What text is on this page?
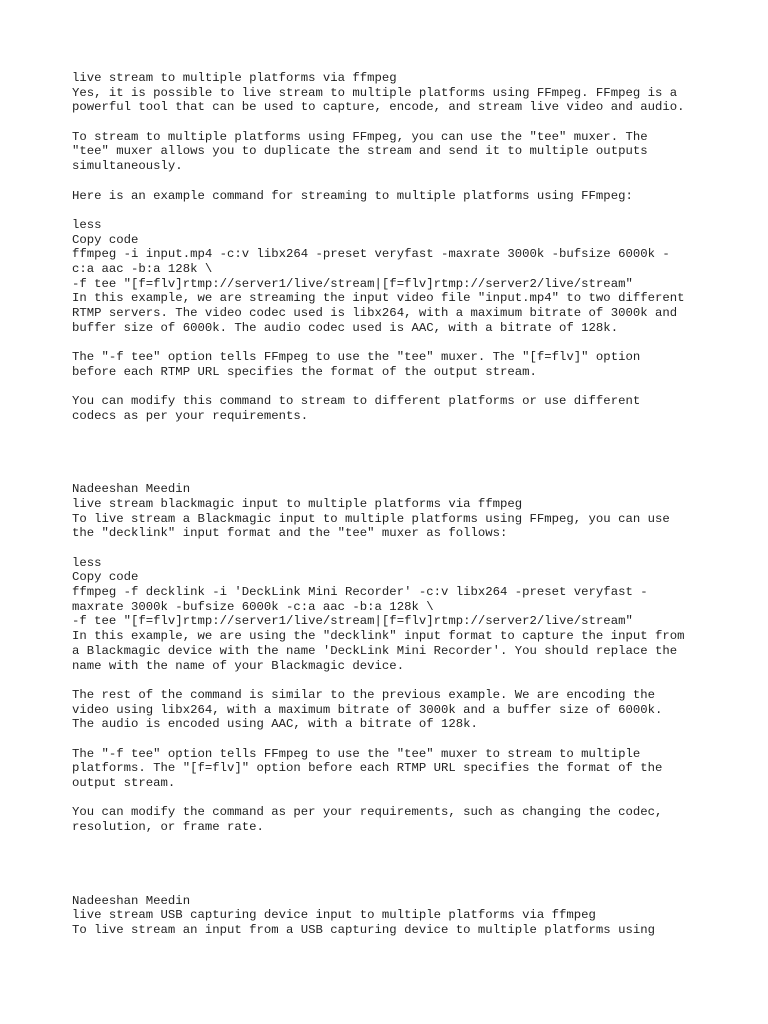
live stream to multiple platforms via ffmpeg
Yes, it is possible to live stream to multiple platforms using FFmpeg. FFmpeg is a
powerful tool that can be used to capture, encode, and stream live video and audio.
To stream to multiple platforms using FFmpeg, you can use the "tee" muxer. The
"tee" muxer allows you to duplicate the stream and send it to multiple outputs
simultaneously.
Here is an example command for streaming to multiple platforms using FFmpeg:
less
Copy code
ffmpeg -i input.mp4 -c:v libx264 -preset veryfast -maxrate 3000k -bufsize 6000k -
c:a aac -b:a 128k \
-f tee "[f=flv]rtmp://server1/live/stream|[f=flv]rtmp://server2/live/stream"
In this example, we are streaming the input video file "input.mp4" to two different
RTMP servers. The video codec used is libx264, with a maximum bitrate of 3000k and
buffer size of 6000k. The audio codec used is AAC, with a bitrate of 128k.
The "-f tee" option tells FFmpeg to use the "tee" muxer. The "[f=flv]" option
before each RTMP URL specifies the format of the output stream.
You can modify this command to stream to different platforms or use different
codecs as per your requirements.
Nadeeshan Meedin
live stream blackmagic input to multiple platforms via ffmpeg
To live stream a Blackmagic input to multiple platforms using FFmpeg, you can use
the "decklink" input format and the "tee" muxer as follows:
less
Copy code
ffmpeg -f decklink -i 'DeckLink Mini Recorder' -c:v libx264 -preset veryfast -
maxrate 3000k -bufsize 6000k -c:a aac -b:a 128k \
-f tee "[f=flv]rtmp://server1/live/stream|[f=flv]rtmp://server2/live/stream"
In this example, we are using the "decklink" input format to capture the input from
a Blackmagic device with the name 'DeckLink Mini Recorder'. You should replace the
name with the name of your Blackmagic device.
The rest of the command is similar to the previous example. We are encoding the
video using libx264, with a maximum bitrate of 3000k and a buffer size of 6000k.
The audio is encoded using AAC, with a bitrate of 128k.
The "-f tee" option tells FFmpeg to use the "tee" muxer to stream to multiple
platforms. The "[f=flv]" option before each RTMP URL specifies the format of the
output stream.
You can modify the command as per your requirements, such as changing the codec,
resolution, or frame rate.
Nadeeshan Meedin
live stream USB capturing device input to multiple platforms via ffmpeg
To live stream an input from a USB capturing device to multiple platforms using
